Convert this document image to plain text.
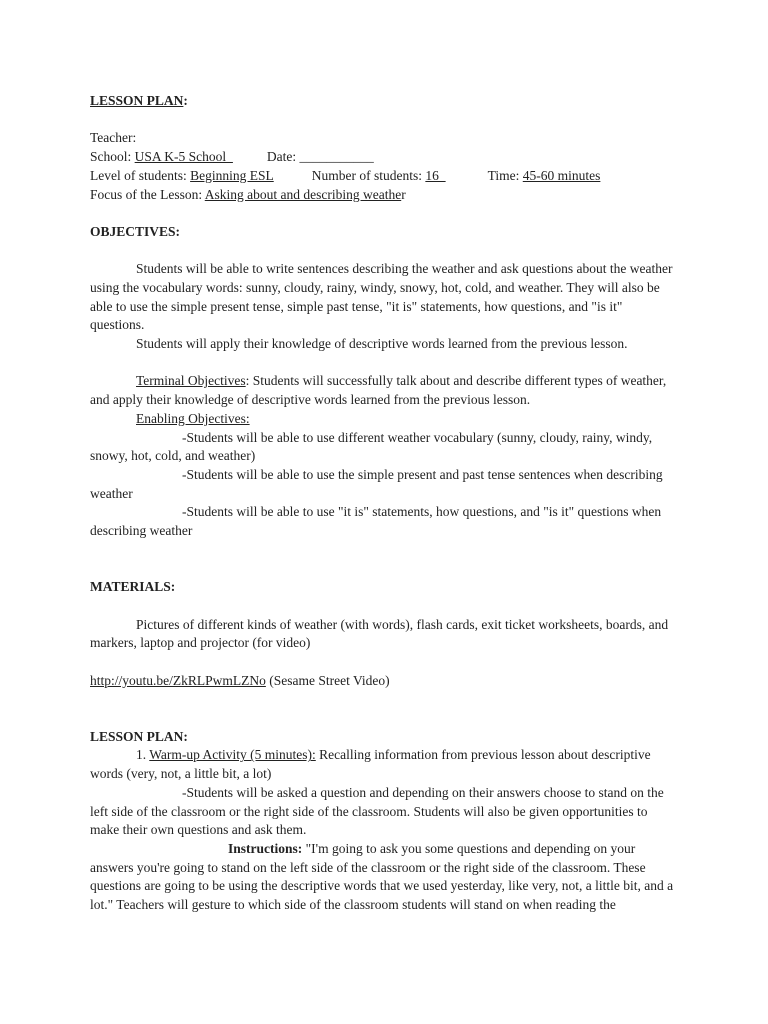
LESSON PLAN:

Teacher:

School: USA K-5 School	Date: ___________

Level of students: Beginning ESL	Number of students: 16	Time: 45-60 minutes

Focus of the Lesson: Asking about and describing weather

OBJECTIVES:

Students will be able to write sentences describing the weather and ask questions about the weather using the vocabulary words: sunny, cloudy, rainy, windy, snowy, hot, cold, and weather. They will also be able to use the simple present tense, simple past tense, "it is" statements, how questions, and "is it" questions.

Students will apply their knowledge of descriptive words learned from the previous lesson.

Terminal Objectives: Students will successfully talk about and describe different types of weather, and apply their knowledge of descriptive words learned from the previous lesson.

Enabling Objectives:

-Students will be able to use different weather vocabulary (sunny, cloudy, rainy, windy, snowy, hot, cold, and weather)

-Students will be able to use the simple present and past tense sentences when describing weather

-Students will be able to use "it is" statements, how questions, and "is it" questions when describing weather

MATERIALS:

Pictures of different kinds of weather (with words), flash cards, exit ticket worksheets, boards, and markers, laptop and projector (for video)

http://youtu.be/ZkRLPwmLZNo (Sesame Street Video)

LESSON PLAN:

1. Warm-up Activity (5 minutes): Recalling information from previous lesson about descriptive words (very, not, a little bit, a lot)

-Students will be asked a question and depending on their answers choose to stand on the left side of the classroom or the right side of the classroom. Students will also be given opportunities to make their own questions and ask them.

Instructions: "I'm going to ask you some questions and depending on your answers you're going to stand on the left side of the classroom or the right side of the classroom. These questions are going to be using the descriptive words that we used yesterday, like very, not, a little bit, and a lot." Teachers will gesture to which side of the classroom students will stand on when reading the
